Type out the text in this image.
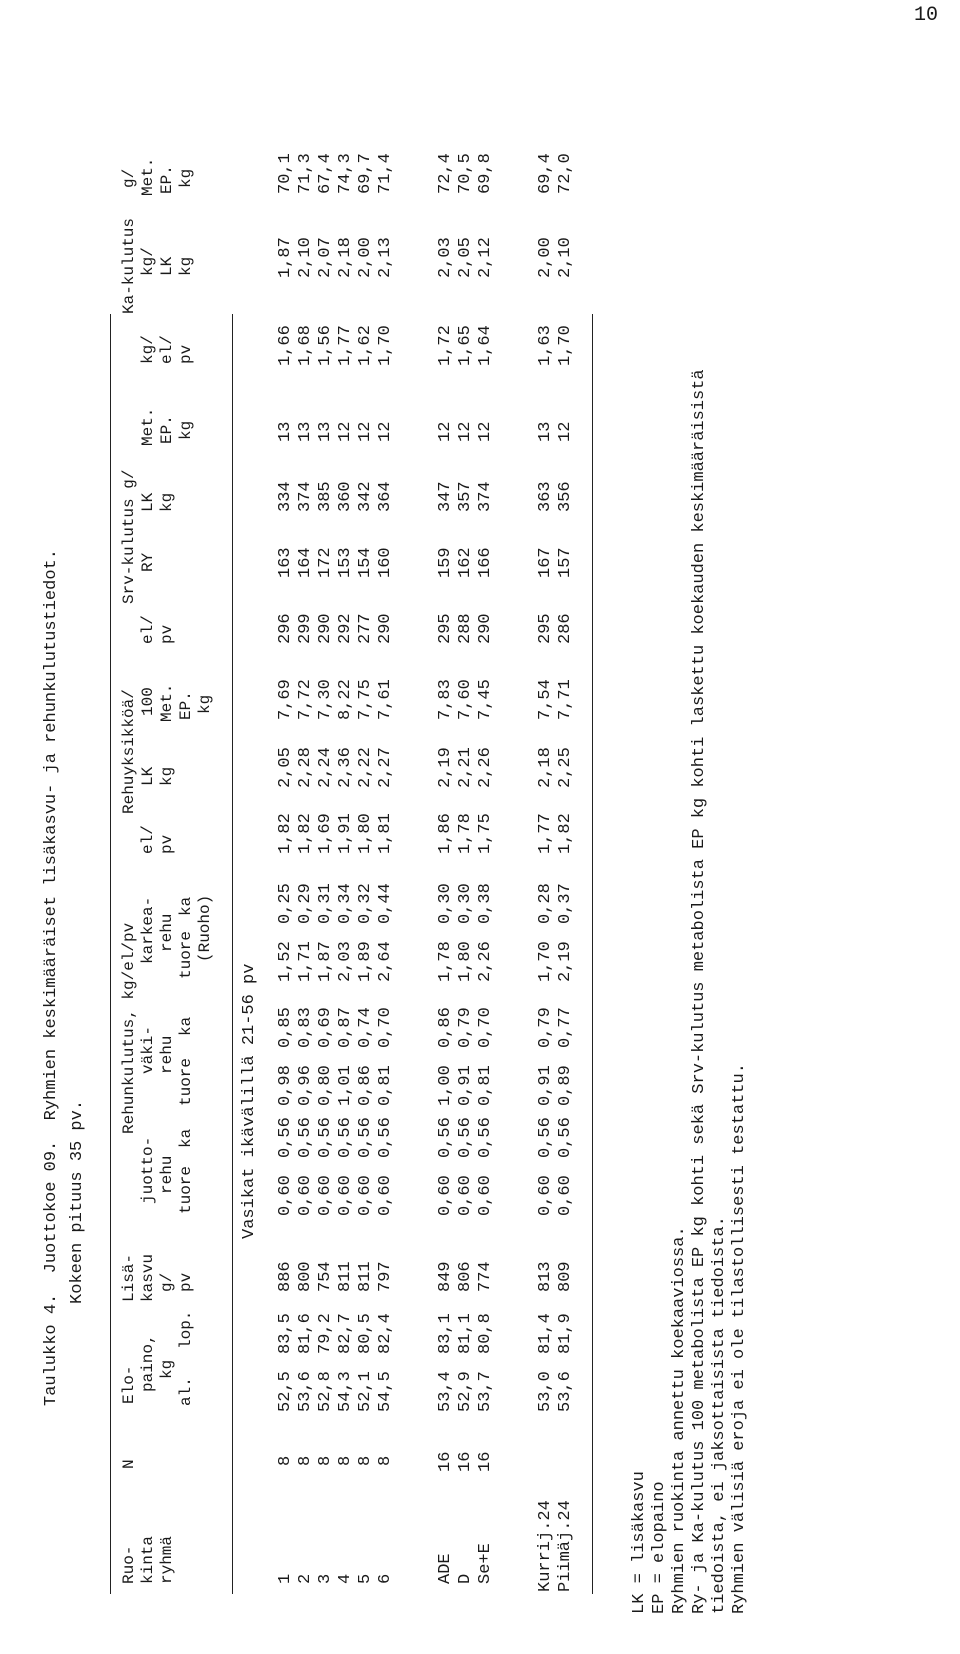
10
Taulukko 4.  Juottokoe 09.  Ryhmien keskimääräiset lisäkasvu- ja rehunkulutustiedot. Kokeen pituus 35 pv.
Ruo- kinta ryhmä
N
Elo- paino, kg
al.
lop.
Lisä- kasvu g/ pv
Rehunkulutus, kg/el/pv
juotto- rehu tuore
ka
väki- rehu
tuore
ka
karkea- rehu tuore
ka (Ruoho)
Rehuyksikköä/
el/ pv
LK kg
100 Met. EP. kg
Srv-kulutus g/
el/ pv
RY
LK kg
Met. EP. kg
Ka-kulutus
kg/ el/ pv
kg/ LK kg
g/ Met. EP. kg
Vasikat ikävälillä 21-56 pv
1
8
52,5
83,5
886
0,60
0,56
0,98
0,85
1,52
0,25
1,82
2,05
7,69
296
163
334
13
1,66
1,87
70,1
2
8
53,6
81,6
800
0,60
0,56
0,96
0,83
1,71
0,29
1,82
2,28
7,72
299
164
374
13
1,68
2,10
71,3
3
8
52,8
79,2
754
0,60
0,56
0,80
0,69
1,87
0,31
1,69
2,24
7,30
290
172
385
13
1,56
2,07
67,4
4
8
54,3
82,7
811
0,60
0,56
1,01
0,87
2,03
0,34
1,91
2,36
8,22
292
153
360
12
1,77
2,18
74,3
5
8
52,1
80,5
811
0,60
0,56
0,86
0,74
1,89
0,32
1,80
2,22
7,75
277
154
342
12
1,62
2,00
69,7
6
8
54,5
82,4
797
0,60
0,56
0,81
0,70
2,64
0,44
1,81
2,27
7,61
290
160
364
12
1,70
2,13
71,4
ADE
16
53,4
83,1
849
0,60
0,56
1,00
0,86
1,78
0,30
1,86
2,19
7,83
295
159
347
12
1,72
2,03
72,4
D
16
52,9
81,1
806
0,60
0,56
0,91
0,79
1,80
0,30
1,78
2,21
7,60
288
162
357
12
1,65
2,05
70,5
Se+E
16
53,7
80,8
774
0,60
0,56
0,81
0,70
2,26
0,38
1,75
2,26
7,45
290
166
374
12
1,64
2,12
69,8
Kurrij.24
53,0
81,4
813
0,60
0,56
0,91
0,79
1,70
0,28
1,77
2,18
7,54
295
167
363
13
1,63
2,00
69,4
Piimäj.24
53,6
81,9
809
0,60
0,56
0,89
0,77
2,19
0,37
1,82
2,25
7,71
286
157
356
12
1,70
2,10
72,0
LK = lisäkasvu EP = elopaino Ryhmien ruokinta annettu koekaaviossa. Ry- ja Ka-kulutus 100 metabolista EP kg kohti sekä Srv-kulutus metabolista EP kg kohti laskettu koekauden keskimääräisistä tiedoista, ei jaksottaisista tiedoista. Ryhmien välisiä eroja ei ole tilastollisesti testattu.
